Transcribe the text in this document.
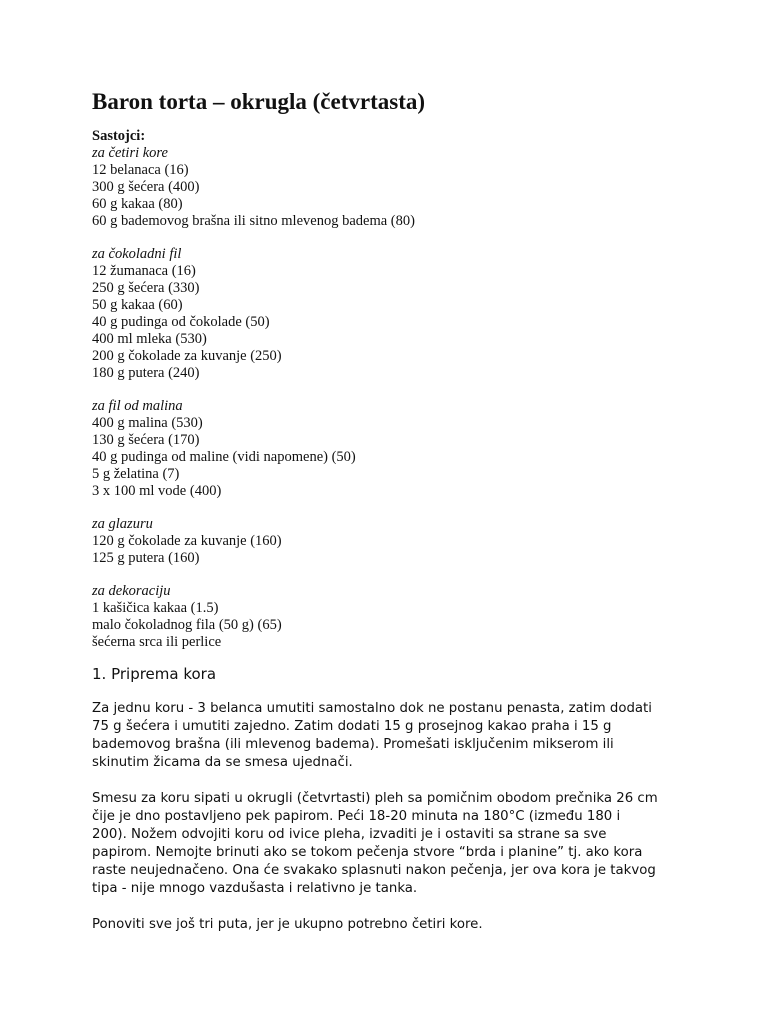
Baron torta – okrugla (četvrtasta)

Sastojci:

za četiri kore

12 belanaca (16)

300 g šećera (400)

60 g kakaa (80)

60 g bademovog brašna ili sitno mlevenog badema (80)

za čokoladni fil

12 žumanaca (16)

250 g šećera (330)

50 g kakaa (60)

40 g pudinga od čokolade (50)

400 ml mleka (530)

200 g čokolade za kuvanje (250)

180 g putera (240)

za fil od malina

400 g malina (530)

130 g šećera (170)

40 g pudinga od maline (vidi napomene) (50)

5 g želatina (7)

3 x 100 ml vode (400)

za glazuru

120 g čokolade za kuvanje (160)

125 g putera (160)

za dekoraciju

1 kašičica kakaa (1.5)

malo čokoladnog fila (50 g) (65)

šećerna srca ili perlice

1. Priprema kora

Za jednu koru - 3 belanca umutiti samostalno dok ne postanu penasta, zatim dodati
75 g šećera i umutiti zajedno. Zatim dodati 15 g prosejnog kakao praha i 15 g
bademovog brašna (ili mlevenog badema). Promešati isključenim mikserom ili
skinutim žicama da se smesa ujednači.

Smesu za koru sipati u okrugli (četvrtasti) pleh sa pomičnim obodom prečnika 26 cm
čije je dno postavljeno pek papirom. Peći 18-20 minuta na 180°C (između 180 i
200). Nožem odvojiti koru od ivice pleha, izvaditi je i ostaviti sa strane sa sve
papirom. Nemojte brinuti ako se tokom pečenja stvore “brda i planine” tj. ako kora
raste neujednačeno. Ona će svakako splasnuti nakon pečenja, jer ova kora je takvog
tipa - nije mnogo vazdušasta i relativno je tanka.

Ponoviti sve još tri puta, jer je ukupno potrebno četiri kore.
